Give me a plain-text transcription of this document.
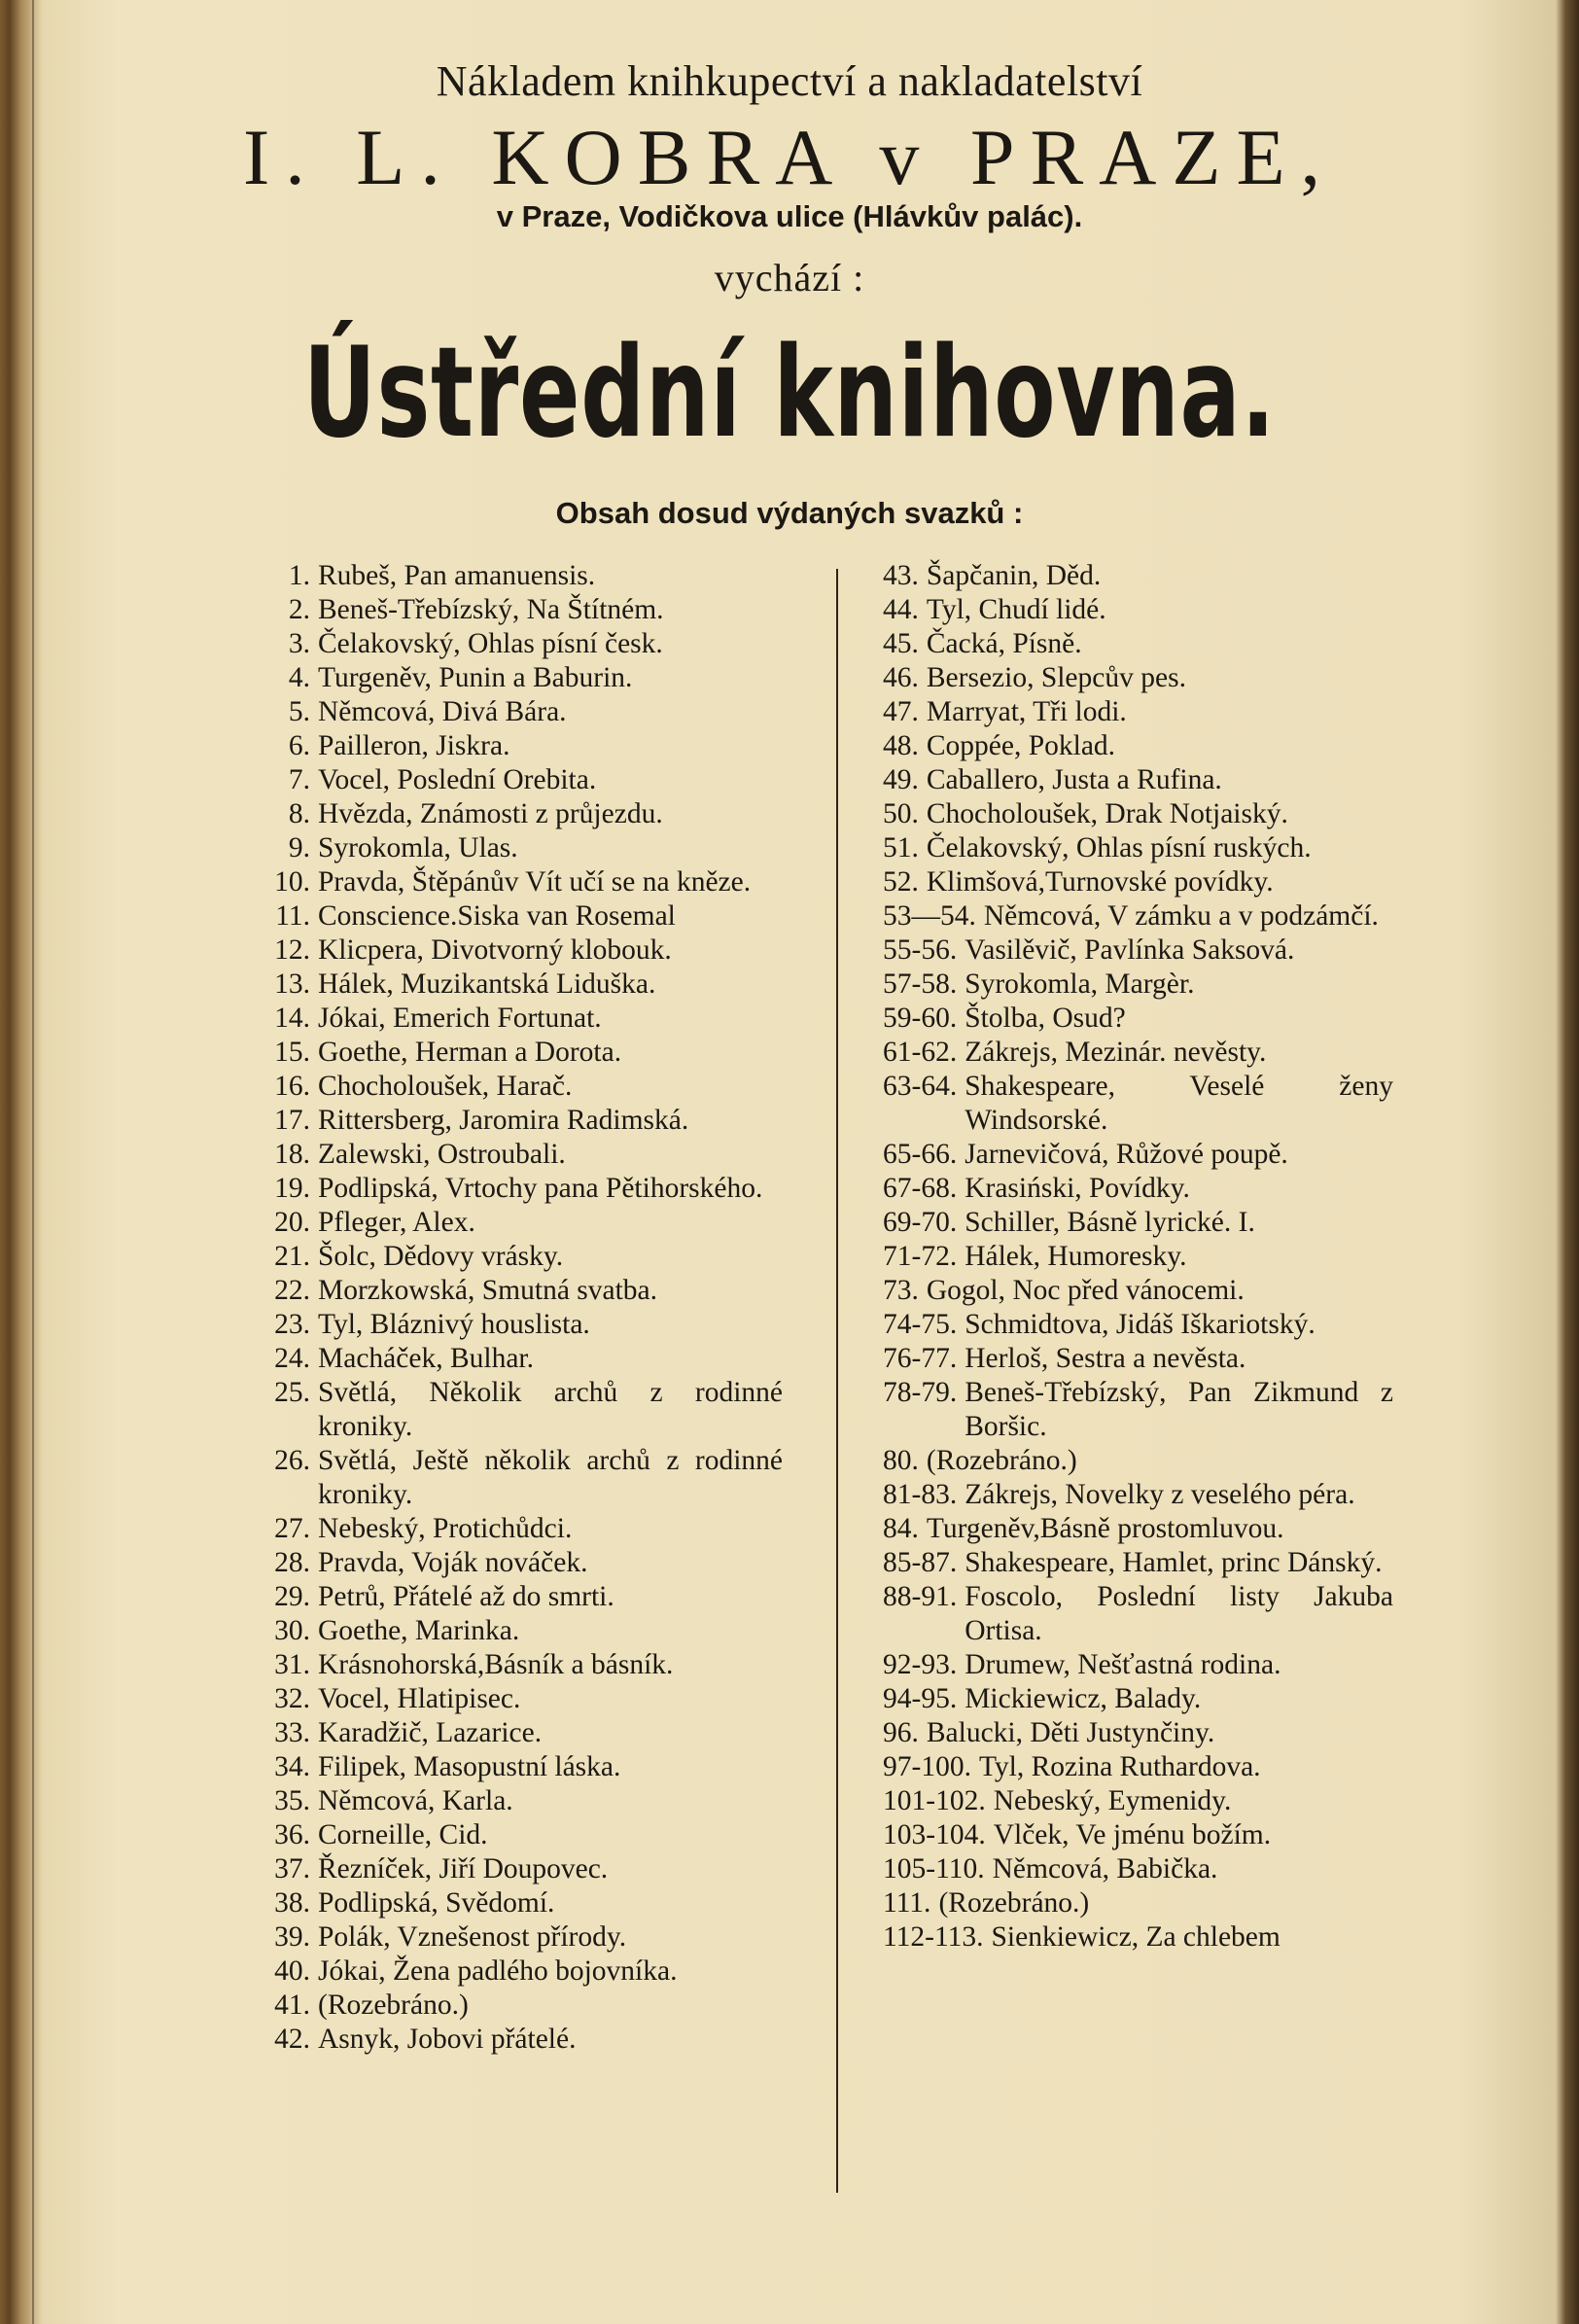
Nákladem knihkupectví a nakladatelství
I. L. KOBRA v PRAZE,
v Praze, Vodičkova ulice (Hlávkův palác).
vychází :
Ústřední knihovna.
Obsah dosud výdaných svazků :
1. Rubeš, Pan amanuensis.
2. Beneš-Třebízský, Na Štítném.
3. Čelakovský, Ohlas písní česk.
4. Turgeněv, Punin a Baburin.
5. Němcová, Divá Bára.
6. Pailleron, Jiskra.
7. Vocel, Poslední Orebita.
8. Hvězda, Známosti z průjezdu.
9. Syrokomla, Ulas.
10. Pravda, Štěpánův Vít učí se na kněze.
11. Conscience.Siska van Rosemal
12. Klicpera, Divotvorný klobouk.
13. Hálek, Muzikantská Liduška.
14. Jókai, Emerich Fortunat.
15. Goethe, Herman a Dorota.
16. Chocholoušek, Harač.
17. Rittersberg, Jaromira Radimská.
18. Zalewski, Ostroubali.
19. Podlipská, Vrtochy pana Pětihorského.
20. Pfleger, Alex.
21. Šolc, Dědovy vrásky.
22. Morzkowská, Smutná svatba.
23. Tyl, Bláznivý houslista.
24. Macháček, Bulhar.
25. Světlá, Několik archů z rodinné kroniky.
26. Světlá, Ještě několik archů z rodinné kroniky.
27. Nebeský, Protichůdci.
28. Pravda, Voják nováček.
29. Petrů, Přátelé až do smrti.
30. Goethe, Marinka.
31. Krásnohorská,Básník a básník.
32. Vocel, Hlatipisec.
33. Karadžič, Lazarice.
34. Filipek, Masopustní láska.
35. Němcová, Karla.
36. Corneille, Cid.
37. Řezníček, Jiří Doupovec.
38. Podlipská, Svědomí.
39. Polák, Vznešenost přírody.
40. Jókai, Žena padlého bojovníka.
41. (Rozebráno.)
42. Asnyk, Jobovi přátelé.
43. Šapčanin, Děd.
44. Tyl, Chudí lidé.
45. Čacká, Písně.
46. Bersezio, Slepcův pes.
47. Marryat, Tři lodi.
48. Coppée, Poklad.
49. Caballero, Justa a Rufina.
50. Chocholoušek, Drak Notjaiský.
51. Čelakovský, Ohlas písní ruských.
52. Klimšová,Turnovské povídky.
53—54. Němcová, V zámku a v podzámčí.
55-56. Vasilěvič, Pavlínka Saksová.
57-58. Syrokomla, Margèr.
59-60. Štolba, Osud?
61-62. Zákrejs, Mezinár. nevěsty.
63-64. Shakespeare, Veselé ženy Windsorské.
65-66. Jarnevičová, Růžové poupě.
67-68. Krasiński, Povídky.
69-70. Schiller, Básně lyrické. I.
71-72. Hálek, Humoresky.
73. Gogol, Noc před vánocemi.
74-75. Schmidtova, Jidáš Iškariotský.
76-77. Herloš, Sestra a nevěsta.
78-79. Beneš-Třebízský, Pan Zikmund z Boršic.
80. (Rozebráno.)
81-83. Zákrejs, Novelky z veselého péra.
84. Turgeněv,Básně prostomluvou.
85-87. Shakespeare, Hamlet, princ Dánský.
88-91. Foscolo, Poslední listy Jakuba Ortisa.
92-93. Drumew, Nešťastná rodina.
94-95. Mickiewicz, Balady.
96. Balucki, Děti Justynčiny.
97-100. Tyl, Rozina Ruthardova.
101-102. Nebeský, Eymenidy.
103-104. Vlček, Ve jménu božím.
105-110. Němcová, Babička.
111. (Rozebráno.)
112-113. Sienkiewicz, Za chlebem
